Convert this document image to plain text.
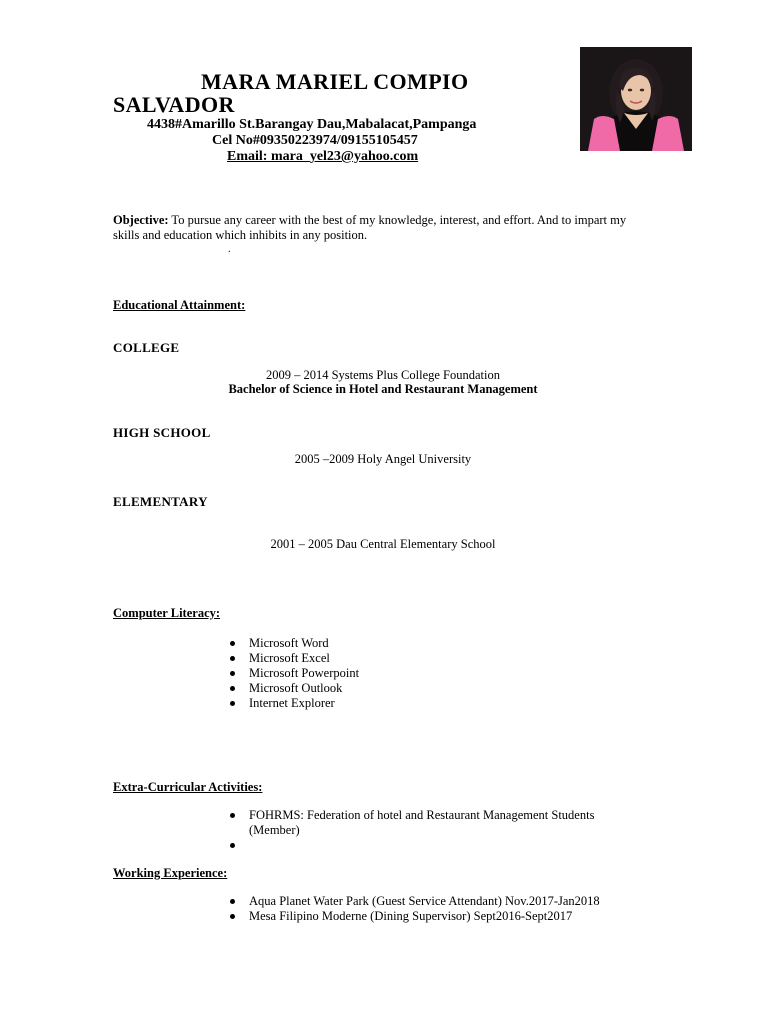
MARA MARIEL COMPIO SALVADOR
4438#Amarillo St.Barangay Dau,Mabalacat,Pampanga
Cel No#09350223974/09155105457
Email: mara_yel23@yahoo.com
Objective: To pursue any career with the best of my knowledge, interest, and effort. And to impart my skills and education which inhibits in any position.
.
Educational Attainment:
COLLEGE
2009 – 2014 Systems Plus College Foundation
Bachelor of Science in Hotel and Restaurant Management
HIGH SCHOOL
2005 –2009 Holy Angel University
ELEMENTARY
2001 – 2005 Dau Central Elementary School
Computer Literacy:
Microsoft Word
Microsoft Excel
Microsoft Powerpoint
Microsoft Outlook
Internet Explorer
Extra-Curricular Activities:
FOHRMS: Federation of hotel and Restaurant Management Students (Member)
Working Experience:
Aqua Planet Water Park (Guest Service Attendant) Nov.2017-Jan2018
Mesa Filipino Moderne (Dining Supervisor) Sept2016-Sept2017
